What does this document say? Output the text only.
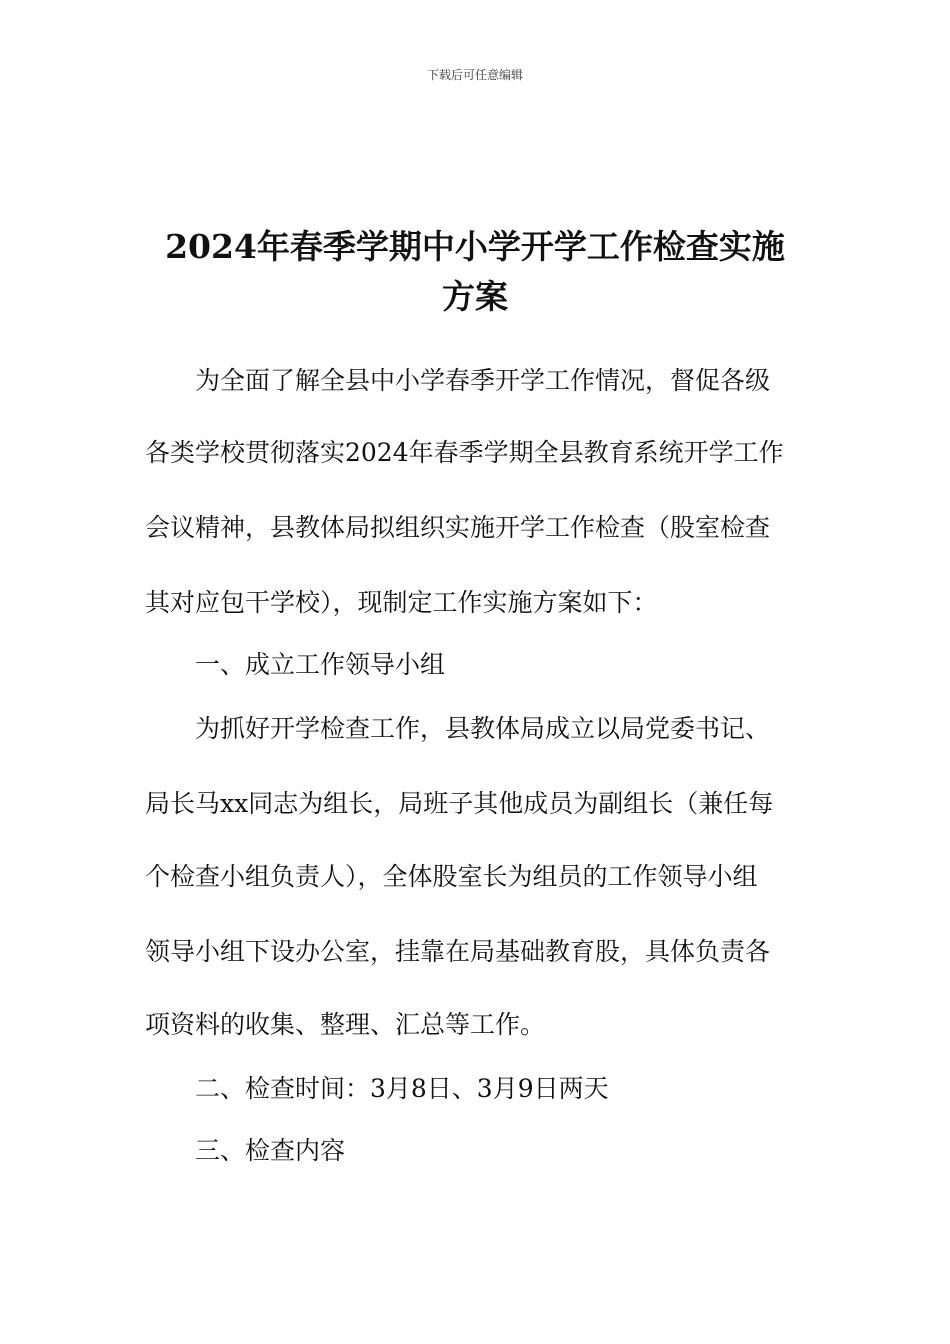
下载后可任意编辑
2024年春季学期中小学开学工作检查实施
方案
为全面了解全县中小学春季开学工作情况，督促各级
各类学校贯彻落实2024年春季学期全县教育系统开学工作
会议精神，县教体局拟组织实施开学工作检查（股室检查
其对应包干学校），现制定工作实施方案如下：
一、成立工作领导小组
为抓好开学检查工作，县教体局成立以局党委书记、
局长马xx同志为组长，局班子其他成员为副组长（兼任每
个检查小组负责人），全体股室长为组员的工作领导小组
领导小组下设办公室，挂靠在局基础教育股，具体负责各
项资料的收集、整理、汇总等工作。
二、检查时间：3月8日、3月9日两天
三、检查内容
